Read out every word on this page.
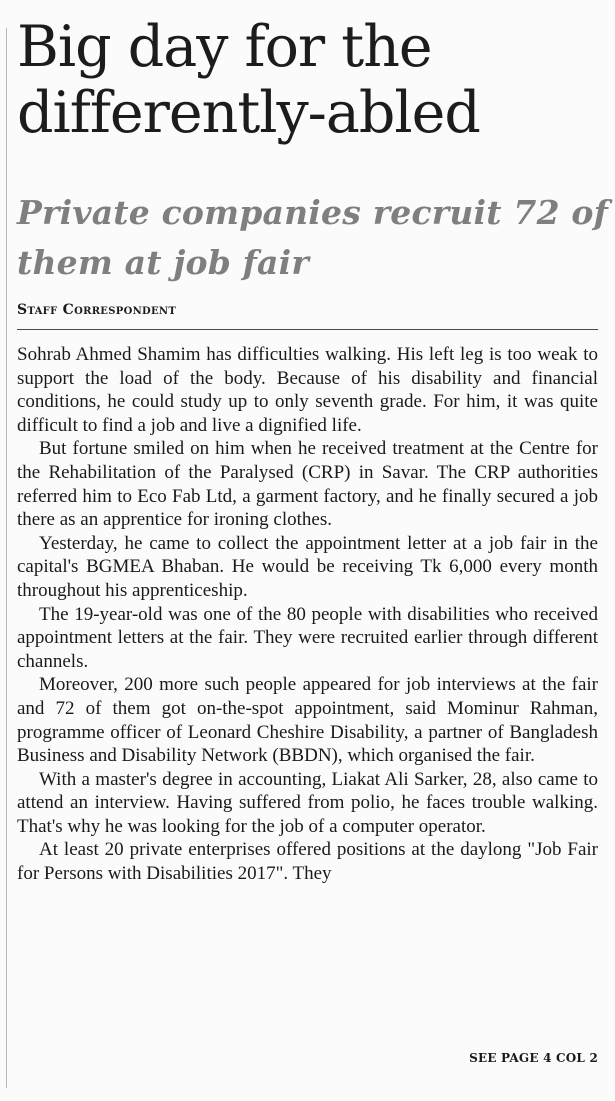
Big day for the differently-abled
Private companies recruit 72 of them at job fair
Staff Correspondent

Sohrab Ahmed Shamim has difficulties walking. His left leg is too weak to support the load of the body. Because of his disability and financial conditions, he could study up to only seventh grade. For him, it was quite difficult to find a job and live a dignified life.

But fortune smiled on him when he received treatment at the Centre for the Rehabilitation of the Paralysed (CRP) in Savar. The CRP authorities referred him to Eco Fab Ltd, a garment factory, and he finally secured a job there as an apprentice for ironing clothes.

Yesterday, he came to collect the appointment letter at a job fair in the capital's BGMEA Bhaban. He would be receiving Tk 6,000 every month throughout his apprenticeship.

The 19-year-old was one of the 80 people with disabilities who received appointment letters at the fair. They were recruited earlier through different channels.

Moreover, 200 more such people appeared for job interviews at the fair and 72 of them got on-the-spot appointment, said Mominur Rahman, programme officer of Leonard Cheshire Disability, a partner of Bangladesh Business and Disability Network (BBDN), which organised the fair.

With a master's degree in accounting, Liakat Ali Sarker, 28, also came to attend an interview. Having suffered from polio, he faces trouble walking. That's why he was looking for the job of a computer operator.

At least 20 private enterprises offered positions at the daylong "Job Fair for Persons with Disabilities 2017". They

SEE PAGE 4 COL 2
